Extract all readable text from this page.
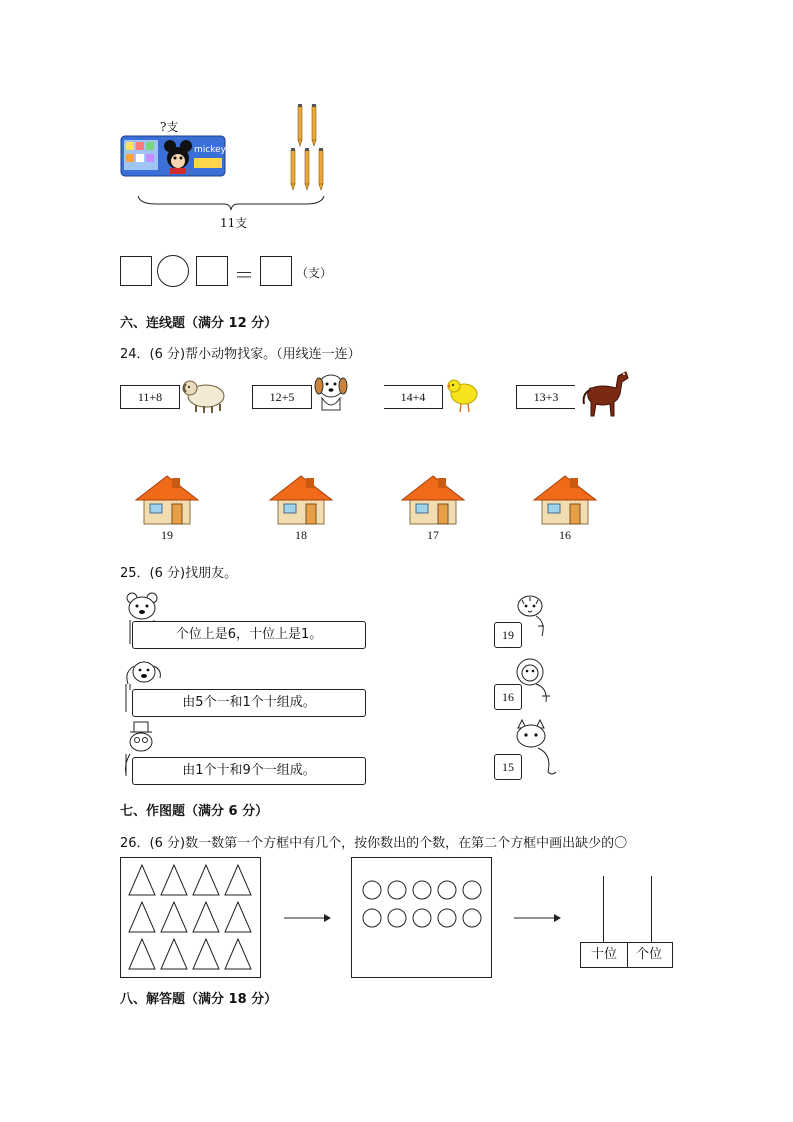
mickey
?支
11支
＝	（支）
六、连线题（满分 12 分）
24．(6 分)帮小动物找家。（用线连一连）
11+8	12+5	14+4	13+3
19	18	17	16
25．(6 分)找朋友。
个位上是6，十位上是1。
由5个一和1个十组成。
由1个十和9个一组成。
19
16
15
七、作图题（满分 6 分）
26．(6 分)数一数第一个方框中有几个，按你数出的个数，在第二个方框中画出缺少的〇
十位	个位
八、解答题（满分 18 分）
